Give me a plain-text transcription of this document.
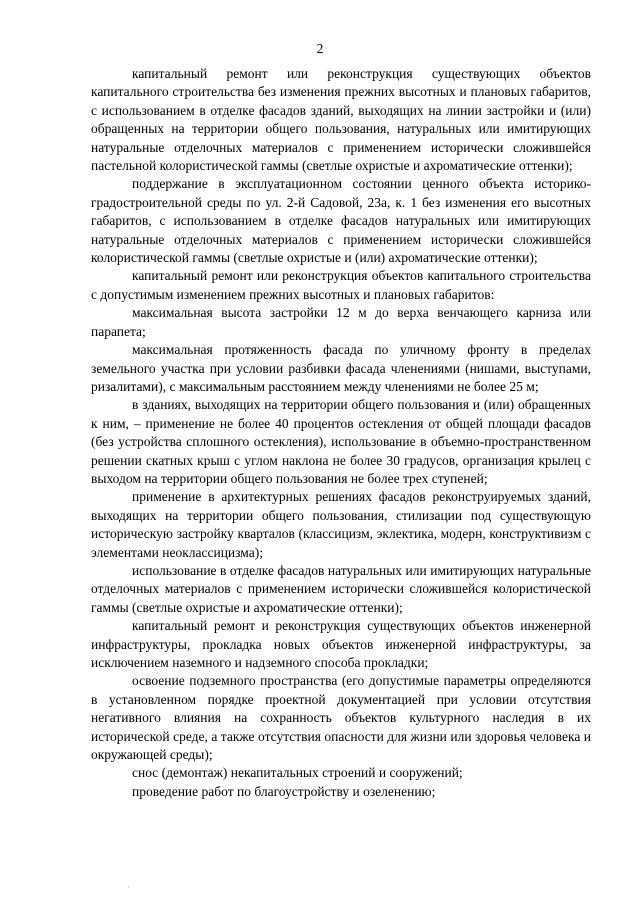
2

капитальный ремонт или реконструкция существующих объектов капитального строительства без изменения прежних высотных и плановых габаритов, с использованием в отделке фасадов зданий, выходящих на линии застройки и (или) обращенных на территории общего пользования, натуральных или имитирующих натуральные отделочных материалов с применением исторически сложившейся пастельной колористической гаммы (светлые охристые и ахроматические оттенки);

поддержание в эксплуатационном состоянии ценного объекта историко-градостроительной среды по ул. 2-й Садовой, 23а, к. 1 без изменения его высотных габаритов, с использованием в отделке фасадов натуральных или имитирующих натуральные отделочных материалов с применением исторически сложившейся колористической гаммы (светлые охристые и (или) ахроматические оттенки);

капитальный ремонт или реконструкция объектов капитального строительства с допустимым изменением прежних высотных и плановых габаритов:

максимальная высота застройки 12 м до верха венчающего карниза или парапета;

максимальная протяженность фасада по уличному фронту в пределах земельного участка при условии разбивки фасада членениями (нишами, выступами, ризалитами), с максимальным расстоянием между членениями не более 25 м;

в зданиях, выходящих на территории общего пользования и (или) обращенных к ним, – применение не более 40 процентов остекления от общей площади фасадов (без устройства сплошного остекления), использование в объемно-пространственном решении скатных крыш с углом наклона не более 30 градусов, организация крылец с выходом на территории общего пользования не более трех ступеней;

применение в архитектурных решениях фасадов реконструируемых зданий, выходящих на территории общего пользования, стилизации под существующую историческую застройку кварталов (классицизм, эклектика, модерн, конструктивизм с элементами неоклассицизма);

использование в отделке фасадов натуральных или имитирующих натуральные отделочных материалов с применением исторически сложившейся колористической гаммы (светлые охристые и ахроматические оттенки);

капитальный ремонт и реконструкция существующих объектов инженерной инфраструктуры, прокладка новых объектов инженерной инфраструктуры, за исключением наземного и надземного способа прокладки;

освоение подземного пространства (его допустимые параметры определяются в установленном порядке проектной документацией при условии отсутствия негативного влияния на сохранность объектов культурного наследия в их исторической среде, а также отсутствия опасности для жизни или здоровья человека и окружающей среды);

снос (демонтаж) некапитальных строений и сооружений;

проведение работ по благоустройству и озеленению;

·
